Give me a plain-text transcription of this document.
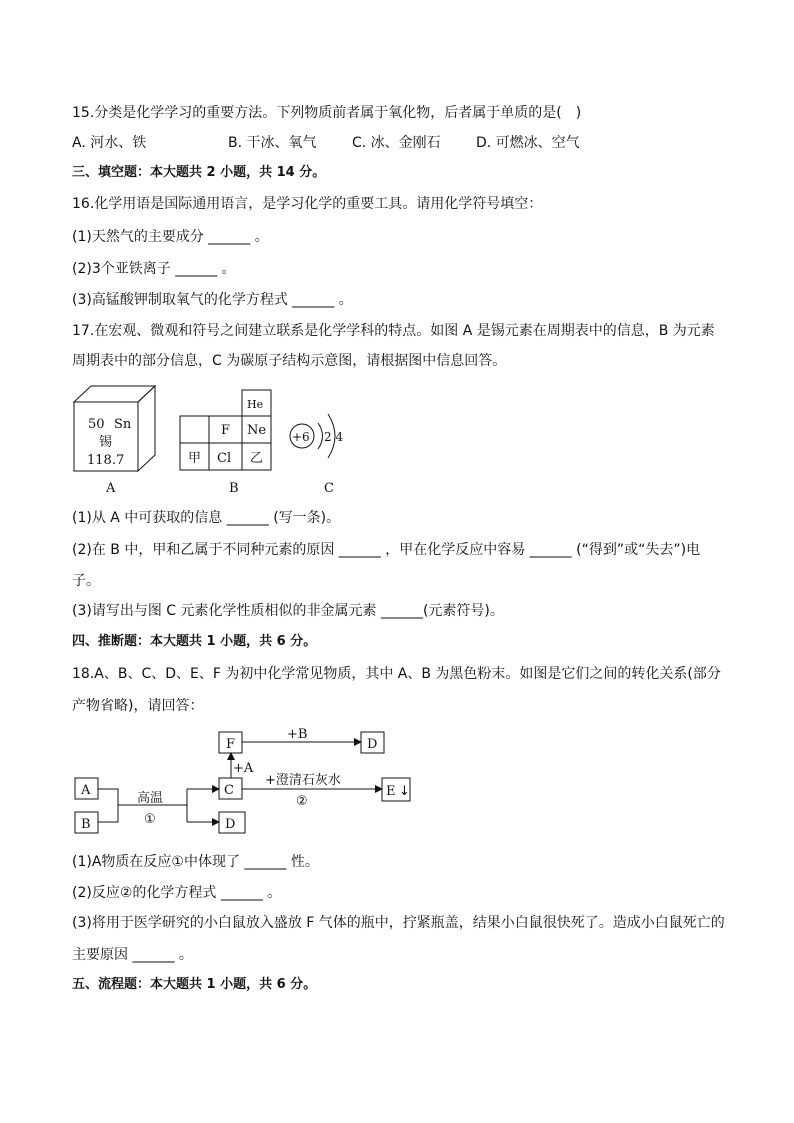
15.分类是化学学习的重要方法。下列物质前者属于氧化物，后者属于单质的是(　)
A. 河水、铁	B. 干冰、氧气	C. 冰、金刚石	D. 可燃冰、空气
三、填空题：本大题共 2 小题，共 14 分。
16.化学用语是国际通用语言，是学习化学的重要工具。请用化学符号填空：
(1)天然气的主要成分 ______ 。
(2)3个亚铁离子 ______ 。
(3)高锰酸钾制取氧气的化学方程式 ______ 。
17.在宏观、微观和符号之间建立联系是化学学科的特点。如图 A 是锡元素在周期表中的信息，B 为元素
周期表中的部分信息，C 为碳原子结构示意图，请根据图中信息回答。
50 Sn
锡
118.7
A
He
F Ne
甲 Cl 乙
B
+6 2 4
C
(1)从 A 中可获取的信息 ______ (写一条)。
(2)在 B 中，甲和乙属于不同种元素的原因 ______ ，甲在化学反应中容易 ______ (“得到”或“失去”)电
子。
(3)请写出与图 C 元素化学性质相似的非金属元素 ______(元素符号)。
四、推断题：本大题共 1 小题，共 6 分。
18.A、B、C、D、E、F 为初中化学常见物质，其中 A、B 为黑色粉末。如图是它们之间的转化关系(部分
产物省略)，请回答：
F	D
A	C	E ↓
B	D
高温
①
+A
+B
+澄清石灰水
②
(1)A物质在反应①中体现了 ______ 性。
(2)反应②的化学方程式 ______ 。
(3)将用于医学研究的小白鼠放入盛放 F 气体的瓶中，拧紧瓶盖，结果小白鼠很快死了。造成小白鼠死亡的
主要原因 ______ 。
五、流程题：本大题共 1 小题，共 6 分。
